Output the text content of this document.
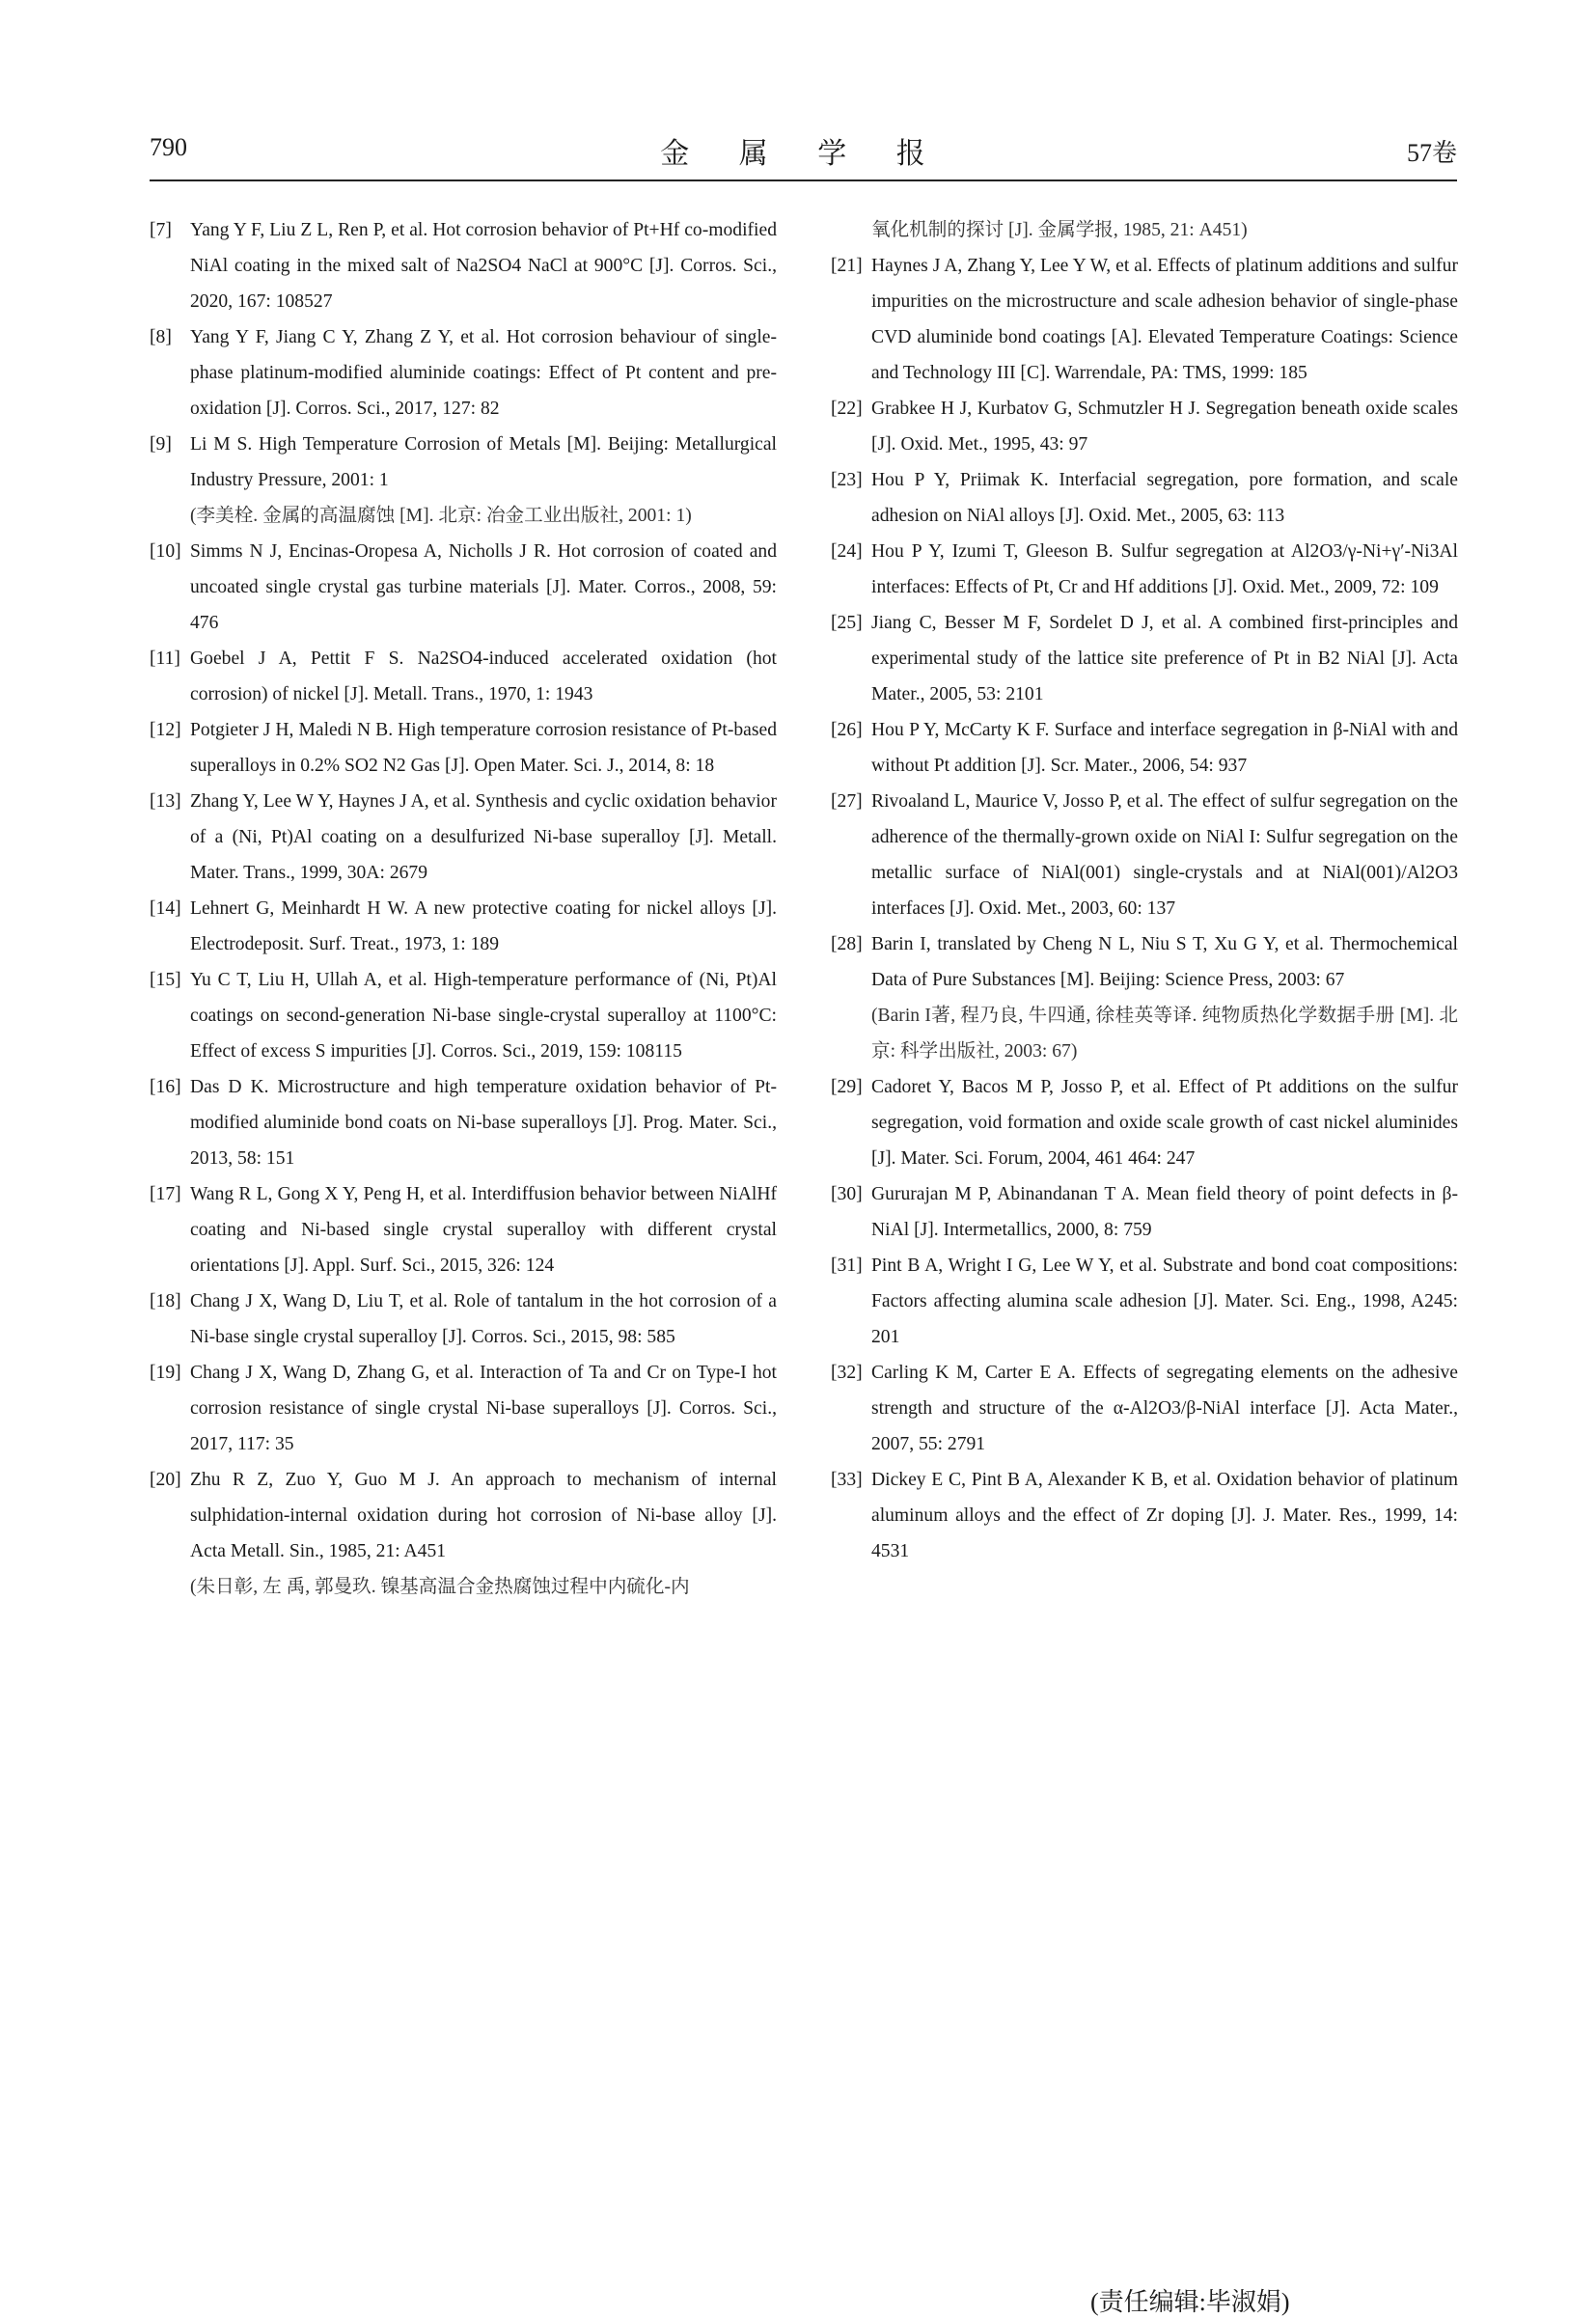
790	金 属 学 报	57卷
[7] Yang Y F, Liu Z L, Ren P, et al. Hot corrosion behavior of Pt+Hf co-modified NiAl coating in the mixed salt of Na2SO4 NaCl at 900°C [J]. Corros. Sci., 2020, 167: 108527
[8] Yang Y F, Jiang C Y, Zhang Z Y, et al. Hot corrosion behaviour of single-phase platinum-modified aluminide coatings: Effect of Pt content and pre-oxidation [J]. Corros. Sci., 2017, 127: 82
[9] Li M S. High Temperature Corrosion of Metals [M]. Beijing: Metallurgical Industry Pressure, 2001: 1
(李美栓. 金属的高温腐蚀 [M]. 北京: 冶金工业出版社, 2001: 1)
[10] Simms N J, Encinas-Oropesa A, Nicholls J R. Hot corrosion of coated and uncoated single crystal gas turbine materials [J]. Mater. Corros., 2008, 59: 476
[11] Goebel J A, Pettit F S. Na2SO4-induced accelerated oxidation (hot corrosion) of nickel [J]. Metall. Trans., 1970, 1: 1943
[12] Potgieter J H, Maledi N B. High temperature corrosion resistance of Pt-based superalloys in 0.2% SO2 N2 Gas [J]. Open Mater. Sci. J., 2014, 8: 18
[13] Zhang Y, Lee W Y, Haynes J A, et al. Synthesis and cyclic oxidation behavior of a (Ni, Pt)Al coating on a desulfurized Ni-base superalloy [J]. Metall. Mater. Trans., 1999, 30A: 2679
[14] Lehnert G, Meinhardt H W. A new protective coating for nickel alloys [J]. Electrodeposit. Surf. Treat., 1973, 1: 189
[15] Yu C T, Liu H, Ullah A, et al. High-temperature performance of (Ni, Pt)Al coatings on second-generation Ni-base single-crystal superalloy at 1100°C: Effect of excess S impurities [J]. Corros. Sci., 2019, 159: 108115
[16] Das D K. Microstructure and high temperature oxidation behavior of Pt-modified aluminide bond coats on Ni-base superalloys [J]. Prog. Mater. Sci., 2013, 58: 151
[17] Wang R L, Gong X Y, Peng H, et al. Interdiffusion behavior between NiAlHf coating and Ni-based single crystal superalloy with different crystal orientations [J]. Appl. Surf. Sci., 2015, 326: 124
[18] Chang J X, Wang D, Liu T, et al. Role of tantalum in the hot corrosion of a Ni-base single crystal superalloy [J]. Corros. Sci., 2015, 98: 585
[19] Chang J X, Wang D, Zhang G, et al. Interaction of Ta and Cr on Type-I hot corrosion resistance of single crystal Ni-base superalloys [J]. Corros. Sci., 2017, 117: 35
[20] Zhu R Z, Zuo Y, Guo M J. An approach to mechanism of internal sulphidation-internal oxidation during hot corrosion of Ni-base alloy [J]. Acta Metall. Sin., 1985, 21: A451
(朱日彰, 左 禹, 郭曼玖. 镍基高温合金热腐蚀过程中内硫化-内
氧化机制的探讨 [J]. 金属学报, 1985, 21: A451)
[21] Haynes J A, Zhang Y, Lee Y W, et al. Effects of platinum additions and sulfur impurities on the microstructure and scale adhesion behavior of single-phase CVD aluminide bond coatings [A]. Elevated Temperature Coatings: Science and Technology III [C]. Warrendale, PA: TMS, 1999: 185
[22] Grabkee H J, Kurbatov G, Schmutzler H J. Segregation beneath oxide scales [J]. Oxid. Met., 1995, 43: 97
[23] Hou P Y, Priimak K. Interfacial segregation, pore formation, and scale adhesion on NiAl alloys [J]. Oxid. Met., 2005, 63: 113
[24] Hou P Y, Izumi T, Gleeson B. Sulfur segregation at Al2O3/γ-Ni+γ′-Ni3Al interfaces: Effects of Pt, Cr and Hf additions [J]. Oxid. Met., 2009, 72: 109
[25] Jiang C, Besser M F, Sordelet D J, et al. A combined first-principles and experimental study of the lattice site preference of Pt in B2 NiAl [J]. Acta Mater., 2005, 53: 2101
[26] Hou P Y, McCarty K F. Surface and interface segregation in β-NiAl with and without Pt addition [J]. Scr. Mater., 2006, 54: 937
[27] Rivoaland L, Maurice V, Josso P, et al. The effect of sulfur segregation on the adherence of the thermally-grown oxide on NiAl I: Sulfur segregation on the metallic surface of NiAl(001) single-crystals and at NiAl(001)/Al2O3 interfaces [J]. Oxid. Met., 2003, 60: 137
[28] Barin I, translated by Cheng N L, Niu S T, Xu G Y, et al. Thermochemical Data of Pure Substances [M]. Beijing: Science Press, 2003: 67
(Barin I著, 程乃良, 牛四通, 徐桂英等译. 纯物质热化学数据手册 [M]. 北京: 科学出版社, 2003: 67)
[29] Cadoret Y, Bacos M P, Josso P, et al. Effect of Pt additions on the sulfur segregation, void formation and oxide scale growth of cast nickel aluminides [J]. Mater. Sci. Forum, 2004, 461 464: 247
[30] Gururajan M P, Abinandanan T A. Mean field theory of point defects in β-NiAl [J]. Intermetallics, 2000, 8: 759
[31] Pint B A, Wright I G, Lee W Y, et al. Substrate and bond coat compositions: Factors affecting alumina scale adhesion [J]. Mater. Sci. Eng., 1998, A245: 201
[32] Carling K M, Carter E A. Effects of segregating elements on the adhesive strength and structure of the α-Al2O3/β-NiAl interface [J]. Acta Mater., 2007, 55: 2791
[33] Dickey E C, Pint B A, Alexander K B, et al. Oxidation behavior of platinum aluminum alloys and the effect of Zr doping [J]. J. Mater. Res., 1999, 14: 4531
(责任编辑:毕淑娟)
